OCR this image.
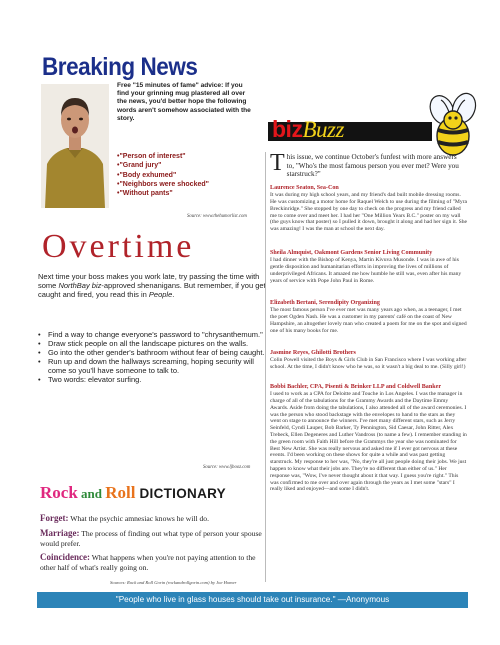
Breaking News
Free "15 minutes of fame" advice: If you find your grinning mug plastered all over the news, you'd better hope the following words aren't somehow associated with the story.
• "Person of interest"
• "Grand jury"
• "Body exhumed"
• "Neighbors were shocked"
• "Without pants"
Source: www.thehumorlist.com
Overtime
Next time your boss makes you work late, try passing the time with some NorthBay biz-approved shenanigans. But remember, if you get caught and fired, you read this in People.
• Find a way to change everyone's password to "chrysanthemum."
• Draw stick people on all the landscape pictures on the walls.
• Go into the other gender's bathroom without fear of being caught.
• Run up and down the hallways screaming, hoping security will come so you'll have someone to talk to.
• Two words: elevator surfing.
Source: www.ljbooz.com
Rock and Roll DICTIONARY
Forget: What the psychic amnesiac knows he will do.
Marriage: The process of finding out what type of person your spouse would prefer.
Coincidence: What happens when you're not paying attention to the other half of what's really going on.
Sources: Rock and Roll Gorin (rockandrollgorin.com) by Joe Homer
bizBuzz
This issue, we continue October's funfest with more answers to, "Who's the most famous person you ever met? Were you starstruck?"
Laurence Seaton, Sea-Con

It was during my high school years, and my friend's dad built mobile dressing rooms. He was customizing a motor home for Raquel Welch to use during the filming of "Myra Breckinridge." She stopped by one day to check on the progress and my friend called me to come over and meet her. I had her "One Million Years B.C." poster on my wall (the guys know that poster) so I pulled it down, brought it along and had her sign it. She was amazing! I was the man at school the next day.

Sheila Almquist, Oakmont Gardens Senior Living Community

I had dinner with the Bishop of Kenya, Martin Kivuva Musonde. I was in awe of his gentle disposition and humanitarian efforts in improving the lives of millions of underprivileged Africans. It amazed me how humble he still was, even after his many years of service with Pope John Paul in Rome.

Elizabeth Bertani, Serendipity Organizing

The most famous person I've ever met was many years ago when, as a teenager, I met the poet Ogden Nash. He was a customer in my parents' café on the coast of New Hampshire, an altogether lovely man who created a poem for me on the spot and signed one of his many books for me.

Jasmine Reyes, Ghilotti Brothers

Colin Powell visited the Boys & Girls Club in San Francisco where I was working after school. At the time, I didn't know who he was, so it wasn't a big deal to me. (Silly girl!)

Bobbi Bachler, CPA, Pisenti & Brinker LLP and Coldwell Banker

I used to work as a CPA for Deloitte and Touche in Los Angeles. I was the manager in charge of all of the tabulations for the Grammy Awards and the Daytime Emmy Awards. Aside from doing the tabulations, I also attended all of the award ceremonies. I was the person who stood backstage with the envelopes to hand to the stars as they went on stage to announce the winners. I've met many different stars, such as Jerry Seinfeld, Cyndi Lauper, Bob Barker, Ty Pennington, Sid Caesar, John Ritter, Alex Trebeck, Ellen Degeneres and Luther Vandross (to name a few). I remember standing in the green room with Faith Hill before the Grammys the year she was nominated for Best New Artist. She was really nervous and asked me if I ever got nervous at these events. I'd been working on these shows for quite a while and was past getting starstruck. My response to her was, "No, they're all just people doing their jobs. We just happen to know what their jobs are. They're no different than either of us." Her response was, "Wow, I've never thought about it that way. I guess you're right." This was confirmed to me over and over again through the years as I met some "stars" I really liked and enjoyed—and some I didn't.

"People who live in glass houses should take out insurance." —Anonymous
